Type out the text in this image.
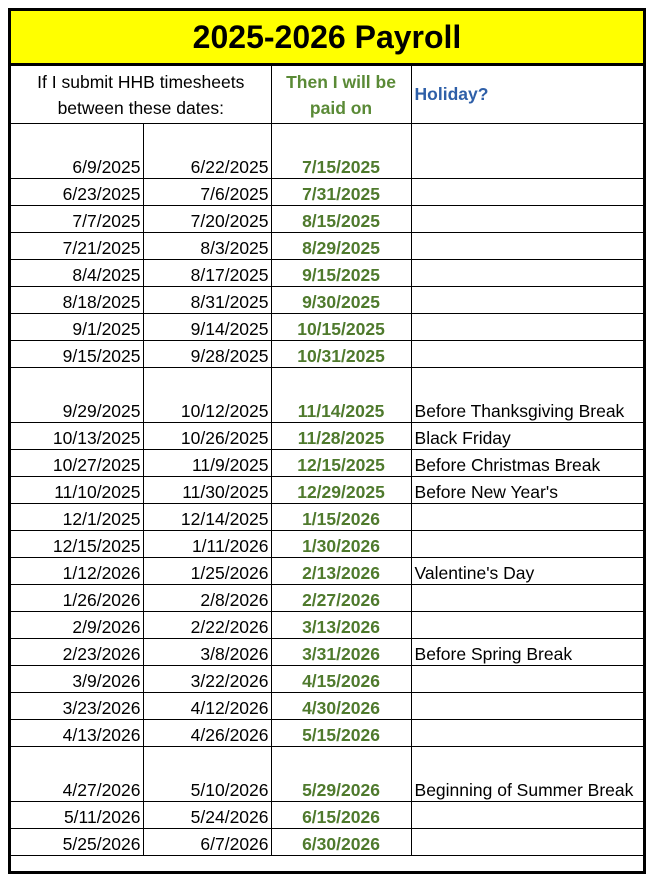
2025-2026 Payroll
If I submit HHB timesheets between these dates:		Then I will be paid on	Holiday?
6/9/2025	6/22/2025	7/15/2025	
6/23/2025	7/6/2025	7/31/2025	
7/7/2025	7/20/2025	8/15/2025	
7/21/2025	8/3/2025	8/29/2025	
8/4/2025	8/17/2025	9/15/2025	
8/18/2025	8/31/2025	9/30/2025	
9/1/2025	9/14/2025	10/15/2025	
9/15/2025	9/28/2025	10/31/2025	
9/29/2025	10/12/2025	11/14/2025	Before Thanksgiving Break
10/13/2025	10/26/2025	11/28/2025	Black Friday
10/27/2025	11/9/2025	12/15/2025	Before Christmas Break
11/10/2025	11/30/2025	12/29/2025	Before New Year's
12/1/2025	12/14/2025	1/15/2026	
12/15/2025	1/11/2026	1/30/2026	
1/12/2026	1/25/2026	2/13/2026	Valentine's Day
1/26/2026	2/8/2026	2/27/2026	
2/9/2026	2/22/2026	3/13/2026	
2/23/2026	3/8/2026	3/31/2026	Before Spring Break
3/9/2026	3/22/2026	4/15/2026	
3/23/2026	4/12/2026	4/30/2026	
4/13/2026	4/26/2026	5/15/2026	
4/27/2026	5/10/2026	5/29/2026	Beginning of Summer Break
5/11/2026	5/24/2026	6/15/2026	
5/25/2026	6/7/2026	6/30/2026	
